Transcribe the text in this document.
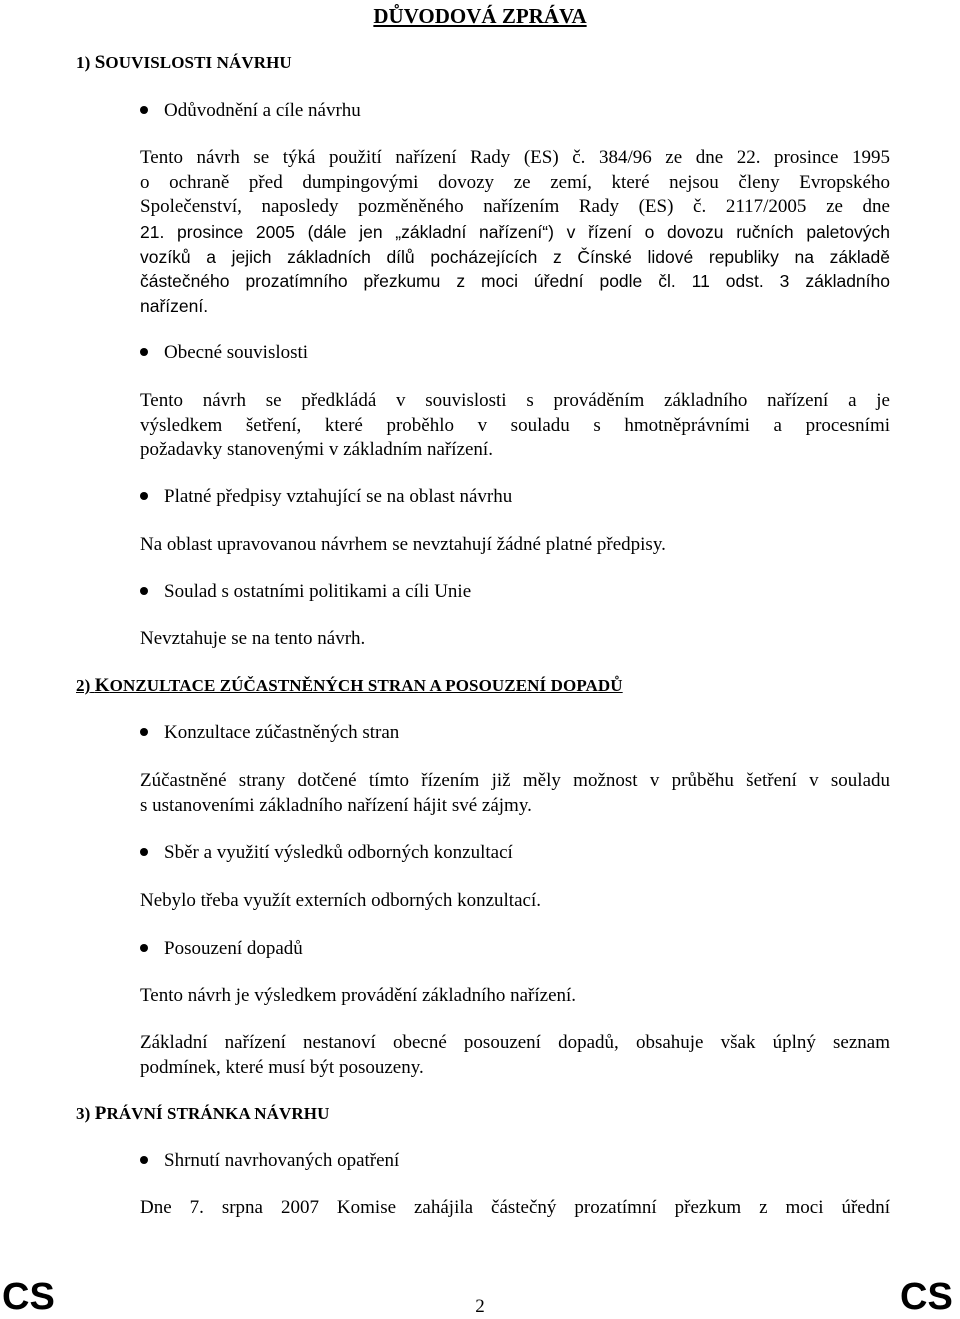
DŮVODOVÁ ZPRÁVA
1) SOUVISLOSTI NÁVRHU
Odůvodnění a cíle návrhu
Tento návrh se týká použití nařízení Rady (ES) č. 384/96 ze dne 22. prosince 1995
o ochraně před dumpingovými dovozy ze zemí, které nejsou členy Evropského
Společenství, naposledy pozměněného nařízením Rady (ES) č. 2117/2005 ze dne
21. prosince 2005 (dále jen „základní nařízení“) v řízení o dovozu ručních paletových
vozíků a jejich základních dílů pocházejících z Čínské lidové republiky na základě
částečného prozatímního přezkumu z moci úřední podle čl. 11 odst. 3 základního
nařízení.
Obecné souvislosti
Tento návrh se předkládá v souvislosti s prováděním základního nařízení a je
výsledkem šetření, které proběhlo v souladu s hmotněprávními a procesními
požadavky stanovenými v základním nařízení.
Platné předpisy vztahující se na oblast návrhu
Na oblast upravovanou návrhem se nevztahují žádné platné předpisy.
Soulad s ostatními politikami a cíli Unie
Nevztahuje se na tento návrh.
2) KONZULTACE ZÚČASTNĚNÝCH STRAN A POSOUZENÍ DOPADŮ
Konzultace zúčastněných stran
Zúčastněné strany dotčené tímto řízením již měly možnost v průběhu šetření v souladu
s ustanoveními základního nařízení hájit své zájmy.
Sběr a využití výsledků odborných konzultací
Nebylo třeba využít externích odborných konzultací.
Posouzení dopadů
Tento návrh je výsledkem provádění základního nařízení.
Základní nařízení nestanoví obecné posouzení dopadů, obsahuje však úplný seznam
podmínek, které musí být posouzeny.
3) PRÁVNÍ STRÁNKA NÁVRHU
Shrnutí navrhovaných opatření
Dne 7. srpna 2007 Komise zahájila částečný prozatímní přezkum z moci úřední
CS	2	CS
